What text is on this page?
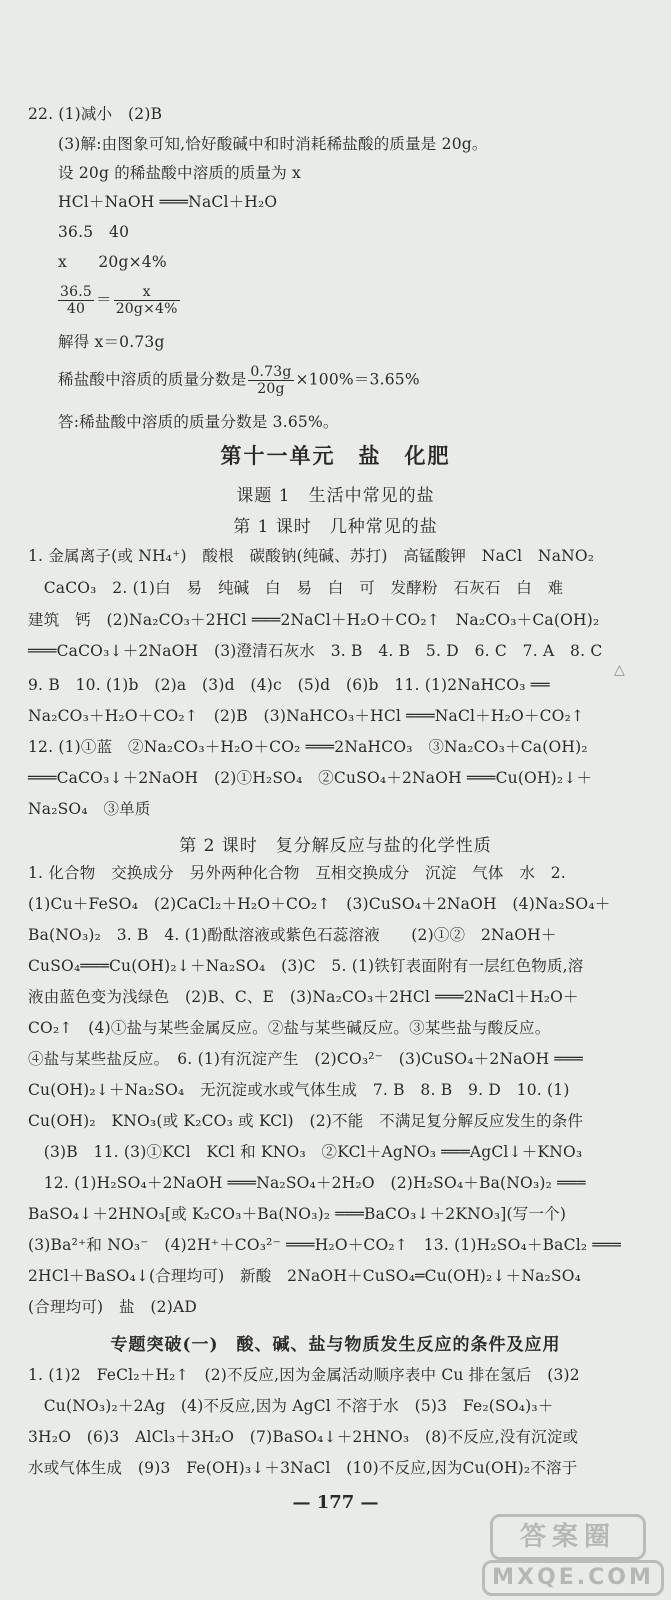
22. (1)减小　(2)B
(3)解:由图象可知,恰好酸碱中和时消耗稀盐酸的质量是 20g。
设 20g 的稀盐酸中溶质的质量为 x
HCl＋NaOH ═══NaCl＋H₂O
36.5　40
x　　20g×4%
$\frac{36.5}{40} = \frac{x}{20g\times 4\%}$
解得 x＝0.73g
稀盐酸中溶质的质量分数是 $\frac{0.73g}{20g} \times 100\%=3.65\%$
答:稀盐酸中溶质的质量分数是 3.65%。
第十一单元　盐　化肥
课题 1　生活中常见的盐
第 1 课时　几种常见的盐
1. 金属离子(或 NH₄⁺)　酸根　碳酸钠(纯碱、苏打)　高锰酸钾　NaCl　NaNO₂
　CaCO₃　2. (1)白　易　纯碱　白　易　白　可　发酵粉　石灰石　白　难
建筑　钙　(2)Na₂CO₃＋2HCl ═══2NaCl＋H₂O＋CO₂↑　Na₂CO₃＋Ca(OH)₂
═══CaCO₃↓＋2NaOH　(3)澄清石灰水　3. B　4. B　5. D　6. C　7. A　8. C
△
9. B　10. (1)b　(2)a　(3)d　(4)c　(5)d　(6)b　11. (1)2NaHCO₃ ══
Na₂CO₃＋H₂O＋CO₂↑　(2)B　(3)NaHCO₃＋HCl ═══NaCl＋H₂O＋CO₂↑
12. (1)①蓝　②Na₂CO₃＋H₂O＋CO₂ ═══2NaHCO₃　③Na₂CO₃＋Ca(OH)₂
═══CaCO₃↓＋2NaOH　(2)①H₂SO₄　②CuSO₄＋2NaOH ═══Cu(OH)₂↓＋
Na₂SO₄　③单质
第 2 课时　复分解反应与盐的化学性质
1. 化合物　交换成分　另外两种化合物　互相交换成分　沉淀　气体　水　2.
(1)Cu＋FeSO₄　(2)CaCl₂＋H₂O＋CO₂↑　(3)CuSO₄＋2NaOH　(4)Na₂SO₄＋
Ba(NO₃)₂　3. B　4. (1)酚酞溶液或紫色石蕊溶液　　(2)①②　2NaOH＋
CuSO₄═══Cu(OH)₂↓＋Na₂SO₄　(3)C　5. (1)铁钉表面附有一层红色物质,溶
液由蓝色变为浅绿色　(2)B、C、E　(3)Na₂CO₃＋2HCl ═══2NaCl＋H₂O＋
CO₂↑　(4)①盐与某些金属反应。②盐与某些碱反应。③某些盐与酸反应。
④盐与某些盐反应。　6. (1)有沉淀产生　(2)CO₃²⁻　(3)CuSO₄＋2NaOH ═══
Cu(OH)₂↓＋Na₂SO₄　无沉淀或水或气体生成　7. B　8. B　9. D　10. (1)
Cu(OH)₂　KNO₃(或 K₂CO₃ 或 KCl)　(2)不能　不满足复分解反应发生的条件
　(3)B　11. (3)①KCl　KCl 和 KNO₃　②KCl＋AgNO₃ ═══AgCl↓＋KNO₃
　12. (1)H₂SO₄＋2NaOH ═══Na₂SO₄＋2H₂O　(2)H₂SO₄＋Ba(NO₃)₂ ═══
BaSO₄↓＋2HNO₃[或 K₂CO₃＋Ba(NO₃)₂ ═══BaCO₃↓＋2KNO₃](写一个)
(3)Ba²⁺和 NO₃⁻　(4)2H⁺＋CO₃²⁻ ═══H₂O＋CO₂↑　13. (1)H₂SO₄＋BaCl₂ ═══
2HCl＋BaSO₄↓(合理均可)　新酸　2NaOH＋CuSO₄═Cu(OH)₂↓＋Na₂SO₄
(合理均可)　盐　(2)AD
专题突破(一)　酸、碱、盐与物质发生反应的条件及应用
1. (1)2　FeCl₂＋H₂↑　(2)不反应,因为金属活动顺序表中 Cu 排在氢后　(3)2
　Cu(NO₃)₂＋2Ag　(4)不反应,因为 AgCl 不溶于水　(5)3　Fe₂(SO₄)₃＋
3H₂O　(6)3　AlCl₃＋3H₂O　(7)BaSO₄↓＋2HNO₃　(8)不反应,没有沉淀或
水或气体生成　(9)3　Fe(OH)₃↓＋3NaCl　(10)不反应,因为Cu(OH)₂不溶于
— 177 —
答案圈
MXQE.COM
